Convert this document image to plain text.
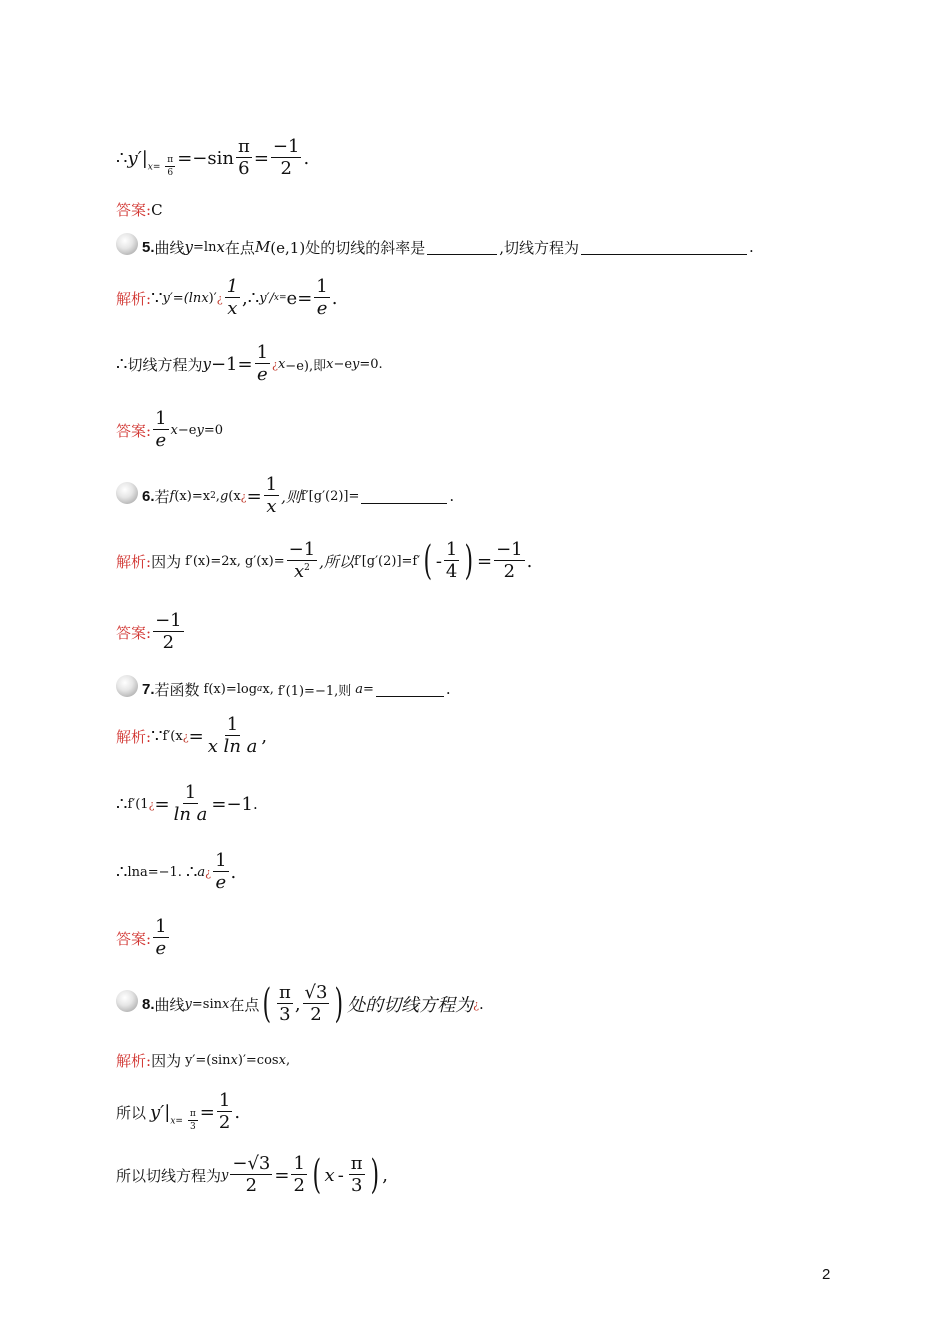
∴ y′ | $x= \frac{\pi}{6} =-\sin \frac{\pi}{6} = \frac{-1}{2}$ .
答案: C
5. 曲线 y =ln x 在点 M (e,1)处的切线的斜率是	,切线方程为	.
解析: ∵ y′=(ln x )′ ¿ $\frac{1}{x}$ ,∴ y′/ $x= e = \frac{1}{e}$ .
∴ 切线方程为 $y -1 = \frac{1}{e}$ ¿ x −e),即 x −e y =0.
答案: $\frac{1}{e}$ x −e y =0
6. 若 f (x) =x 2 , g (x ¿ = $\frac{1}{x}$ ,则 f′[g′(2)]=	.
解析: 因为 f′(x)=2x, $g'(x)= \frac{-1}{x^2}$ ,所以 f′[g′(2)]=f′ ( - $\frac{1}{4}$ ) = $\frac{-1}{2}$ .
答案: $\frac{-1}{2}$
7. 若函数 f(x)=log a x, f′(1)=−1,则 a =	.
解析: ∵ f′(x ¿ = $\frac{1}{\text{x ln a}}$ ,
∴ f′(1 ¿ = $\frac{1}{\text{ln a}} =-1$ .
∴ lna=−1. ∴ a ¿ $\frac{1}{e}$ .
答案: $\frac{1}{e}$
8. 曲线 y =sin x 在点 ( $\frac{\pi}{3}$ , $\frac{√3}{2}$ ) 处的切线方程为 ¿ .
解析: 因为 y′=(sin x )′=cos x ,
所以 y′ | $x= \frac{\pi}{3} = \frac{1}{2}$ .
所以切线方程为 y $\frac{-√3}{2} = \frac{1}{2}$ ( x - $\frac{\pi}{3}$ ) ,
2
